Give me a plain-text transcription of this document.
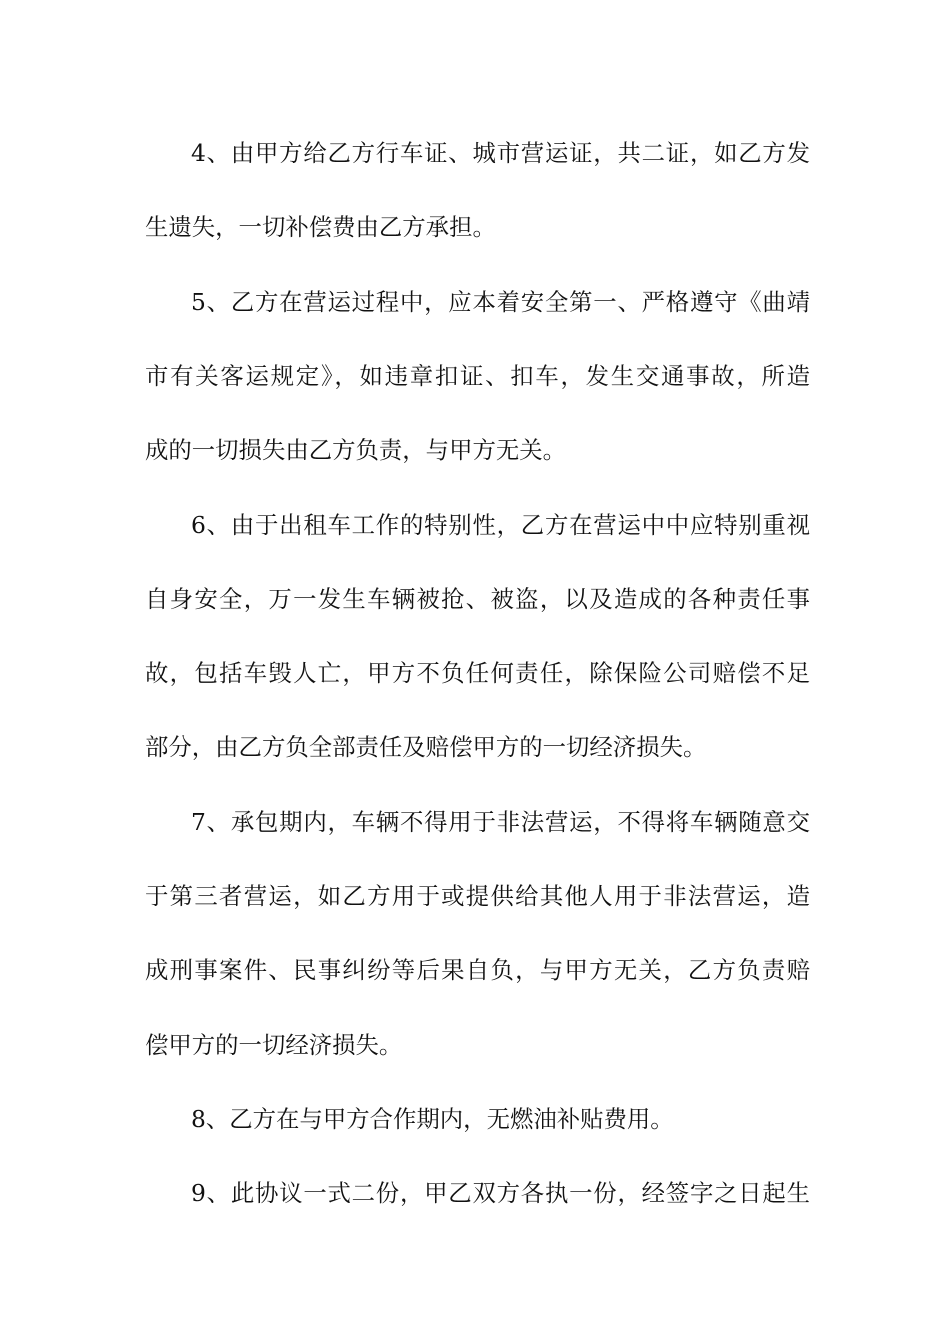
4、由甲方给乙方行车证、城市营运证，共二证，如乙方发
生遗失，一切补偿费由乙方承担。
5、乙方在营运过程中，应本着安全第一、严格遵守《曲靖
市有关客运规定》，如违章扣证、扣车，发生交通事故，所造
成的一切损失由乙方负责，与甲方无关。
6、由于出租车工作的特别性，乙方在营运中中应特别重视
自身安全，万一发生车辆被抢、被盗，以及造成的各种责任事
故，包括车毁人亡，甲方不负任何责任，除保险公司赔偿不足
部分，由乙方负全部责任及赔偿甲方的一切经济损失。
7、承包期内，车辆不得用于非法营运，不得将车辆随意交
于第三者营运，如乙方用于或提供给其他人用于非法营运，造
成刑事案件、民事纠纷等后果自负，与甲方无关，乙方负责赔
偿甲方的一切经济损失。
8、乙方在与甲方合作期内，无燃油补贴费用。
9、此协议一式二份，甲乙双方各执一份，经签字之日起生
